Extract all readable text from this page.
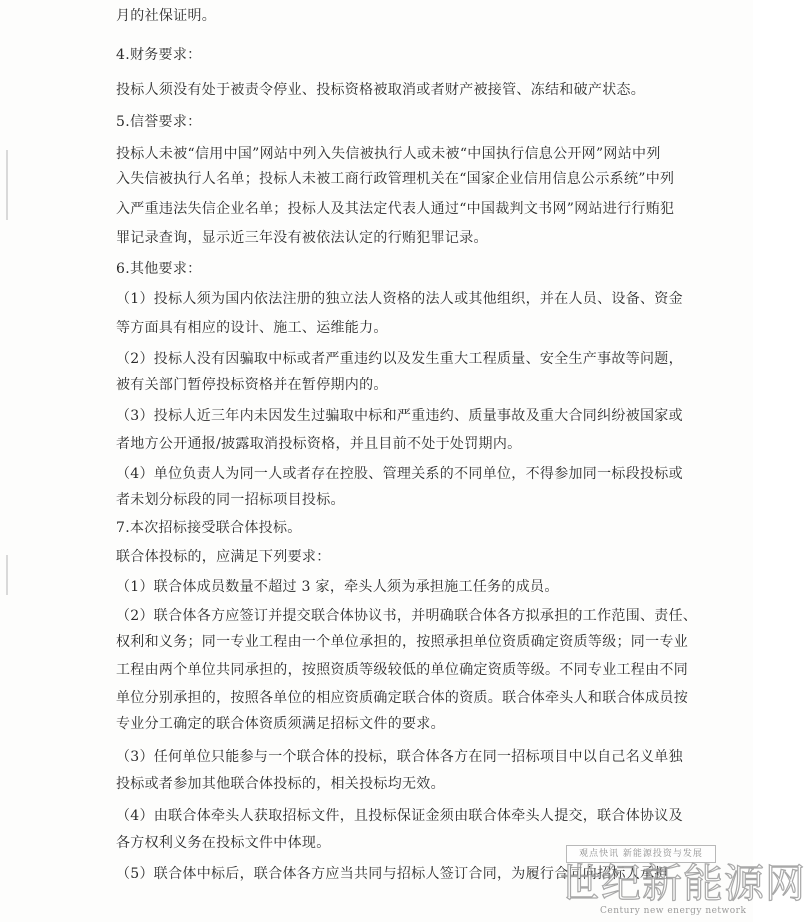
月的社保证明。
4.财务要求：
投标人须没有处于被责令停业、投标资格被取消或者财产被接管、冻结和破产状态。
5.信誉要求：
投标人未被“信用中国”网站中列入失信被执行人或未被“中国执行信息公开网”网站中列
入失信被执行人名单；投标人未被工商行政管理机关在“国家企业信用信息公示系统”中列
入严重违法失信企业名单；投标人及其法定代表人通过“中国裁判文书网”网站进行行贿犯
罪记录查询，显示近三年没有被依法认定的行贿犯罪记录。
6.其他要求：
（1）投标人须为国内依法注册的独立法人资格的法人或其他组织，并在人员、设备、资金
等方面具有相应的设计、施工、运维能力。
（2）投标人没有因骗取中标或者严重违约以及发生重大工程质量、安全生产事故等问题，
被有关部门暂停投标资格并在暂停期内的。
（3）投标人近三年内未因发生过骗取中标和严重违约、质量事故及重大合同纠纷被国家或
者地方公开通报/披露取消投标资格，并且目前不处于处罚期内。
（4）单位负责人为同一人或者存在控股、管理关系的不同单位，不得参加同一标段投标或
者未划分标段的同一招标项目投标。
7.本次招标接受联合体投标。
联合体投标的，应满足下列要求：
（1）联合体成员数量不超过 3 家，牵头人须为承担施工任务的成员。
（2）联合体各方应签订并提交联合体协议书，并明确联合体各方拟承担的工作范围、责任、
权利和义务；同一专业工程由一个单位承担的，按照承担单位资质确定资质等级；同一专业
工程由两个单位共同承担的，按照资质等级较低的单位确定资质等级。不同专业工程由不同
单位分别承担的，按照各单位的相应资质确定联合体的资质。联合体牵头人和联合体成员按
专业分工确定的联合体资质须满足招标文件的要求。
（3）任何单位只能参与一个联合体的投标，联合体各方在同一招标项目中以自己名义单独
投标或者参加其他联合体投标的，相关投标均无效。
（4）由联合体牵头人获取招标文件，且投标保证金须由联合体牵头人提交，联合体协议及
各方权利义务在投标文件中体现。
（5）联合体中标后，联合体各方应当共同与招标人签订合同，为履行合同向招标人承担
观点快讯 新能源投资与发展
世纪新能源网
Century new energy network
